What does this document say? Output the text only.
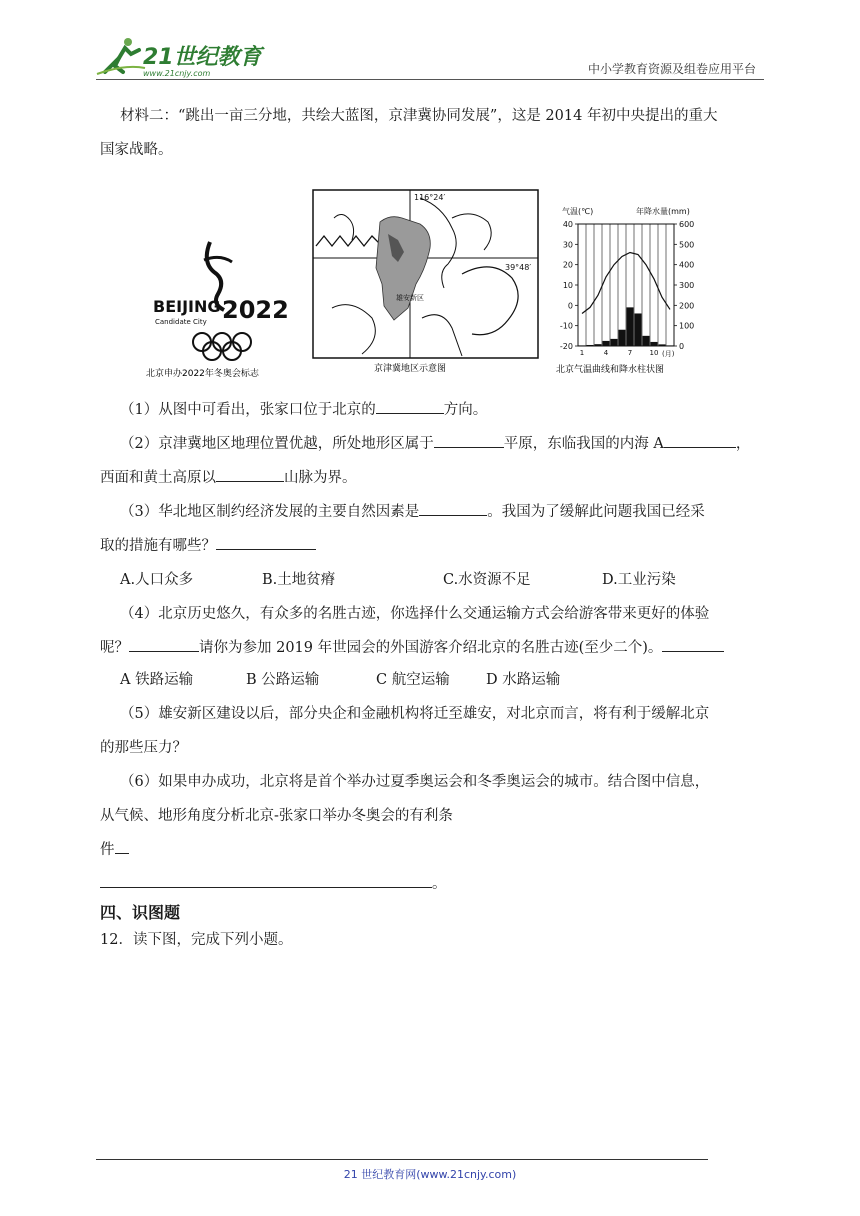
21世纪教育
www.21cnjy.com	中小学教育资源及组卷应用平台
材料二：“跳出一亩三分地，共绘大蓝图，京津冀协同发展”，这是 2014 年初中央提出的重大
国家战略。
BEIJING 2022
Candidate City
北京申办2022年冬奥会标志
116°24′
39°48′
雄安新区
京津冀地区示意图
气温(℃)	年降水量(mm)
-20
-10
0
10
20
30
40
0
100
200
300
400
500
600
1	4	7 10 (月)
北京气温曲线和降水柱状图
（1）从图中可看出，张家口位于北京的	方向。
（2）京津冀地区地理位置优越，所处地形区属于	平原，东临我国的内海 A	，
西面和黄土高原以	山脉为界。
（3）华北地区制约经济发展的主要自然因素是	。我国为了缓解此问题我国已经采
取的措施有哪些？
A.人口众多	B.土地贫瘠	C.水资源不足	D.工业污染
（4）北京历史悠久，有众多的名胜古迹，你选择什么交通运输方式会给游客带来更好的体验
呢？	请你为参加 2019 年世园会的外国游客介绍北京的名胜古迹(至少二个)。
A 铁路运输	B 公路运输	C 航空运输	D 水路运输
（5）雄安新区建设以后，部分央企和金融机构将迁至雄安，对北京而言，将有利于缓解北京
的那些压力？
（6）如果申办成功，北京将是首个举办过夏季奥运会和冬季奥运会的城市。结合图中信息，
从气候、地形角度分析北京-张家口举办冬奥会的有利条
件
。
四、识图题
12．读下图，完成下列小题。
21 世纪教育网(www.21cnjy.com)
